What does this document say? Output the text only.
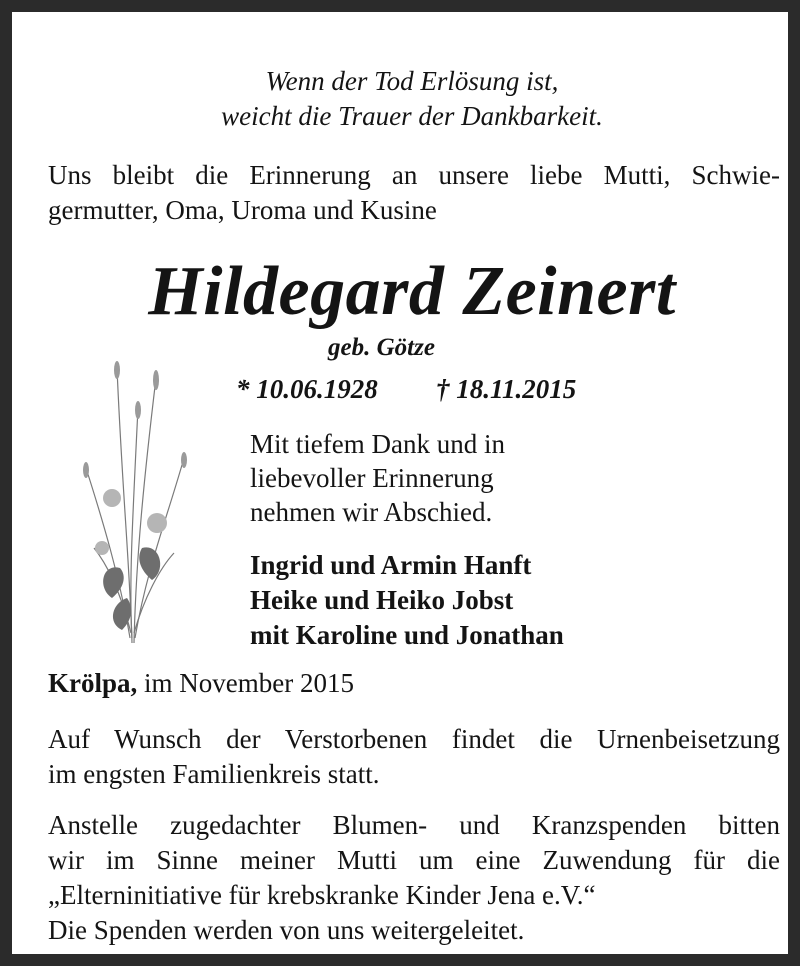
Wenn der Tod Erlösung ist,
weicht die Trauer der Dankbarkeit.
Uns bleibt die Erinnerung an unsere liebe Mutti, Schwie-
germutter, Oma, Uroma und Kusine
Hildegard Zeinert
geb. Götze
* 10.06.1928 † 18.11.2015
Mit tiefem Dank und in
liebevoller Erinnerung
nehmen wir Abschied.
Ingrid und Armin Hanft
Heike und Heiko Jobst
mit Karoline und Jonathan
Krölpa, im November 2015
Auf Wunsch der Verstorbenen findet die Urnenbeisetzung
im engsten Familienkreis statt.
Anstelle zugedachter Blumen- und Kranzspenden bitten
wir im Sinne meiner Mutti um eine Zuwendung für die
„Elterninitiative für krebskranke Kinder Jena e.V.“
Die Spenden werden von uns weitergeleitet.
